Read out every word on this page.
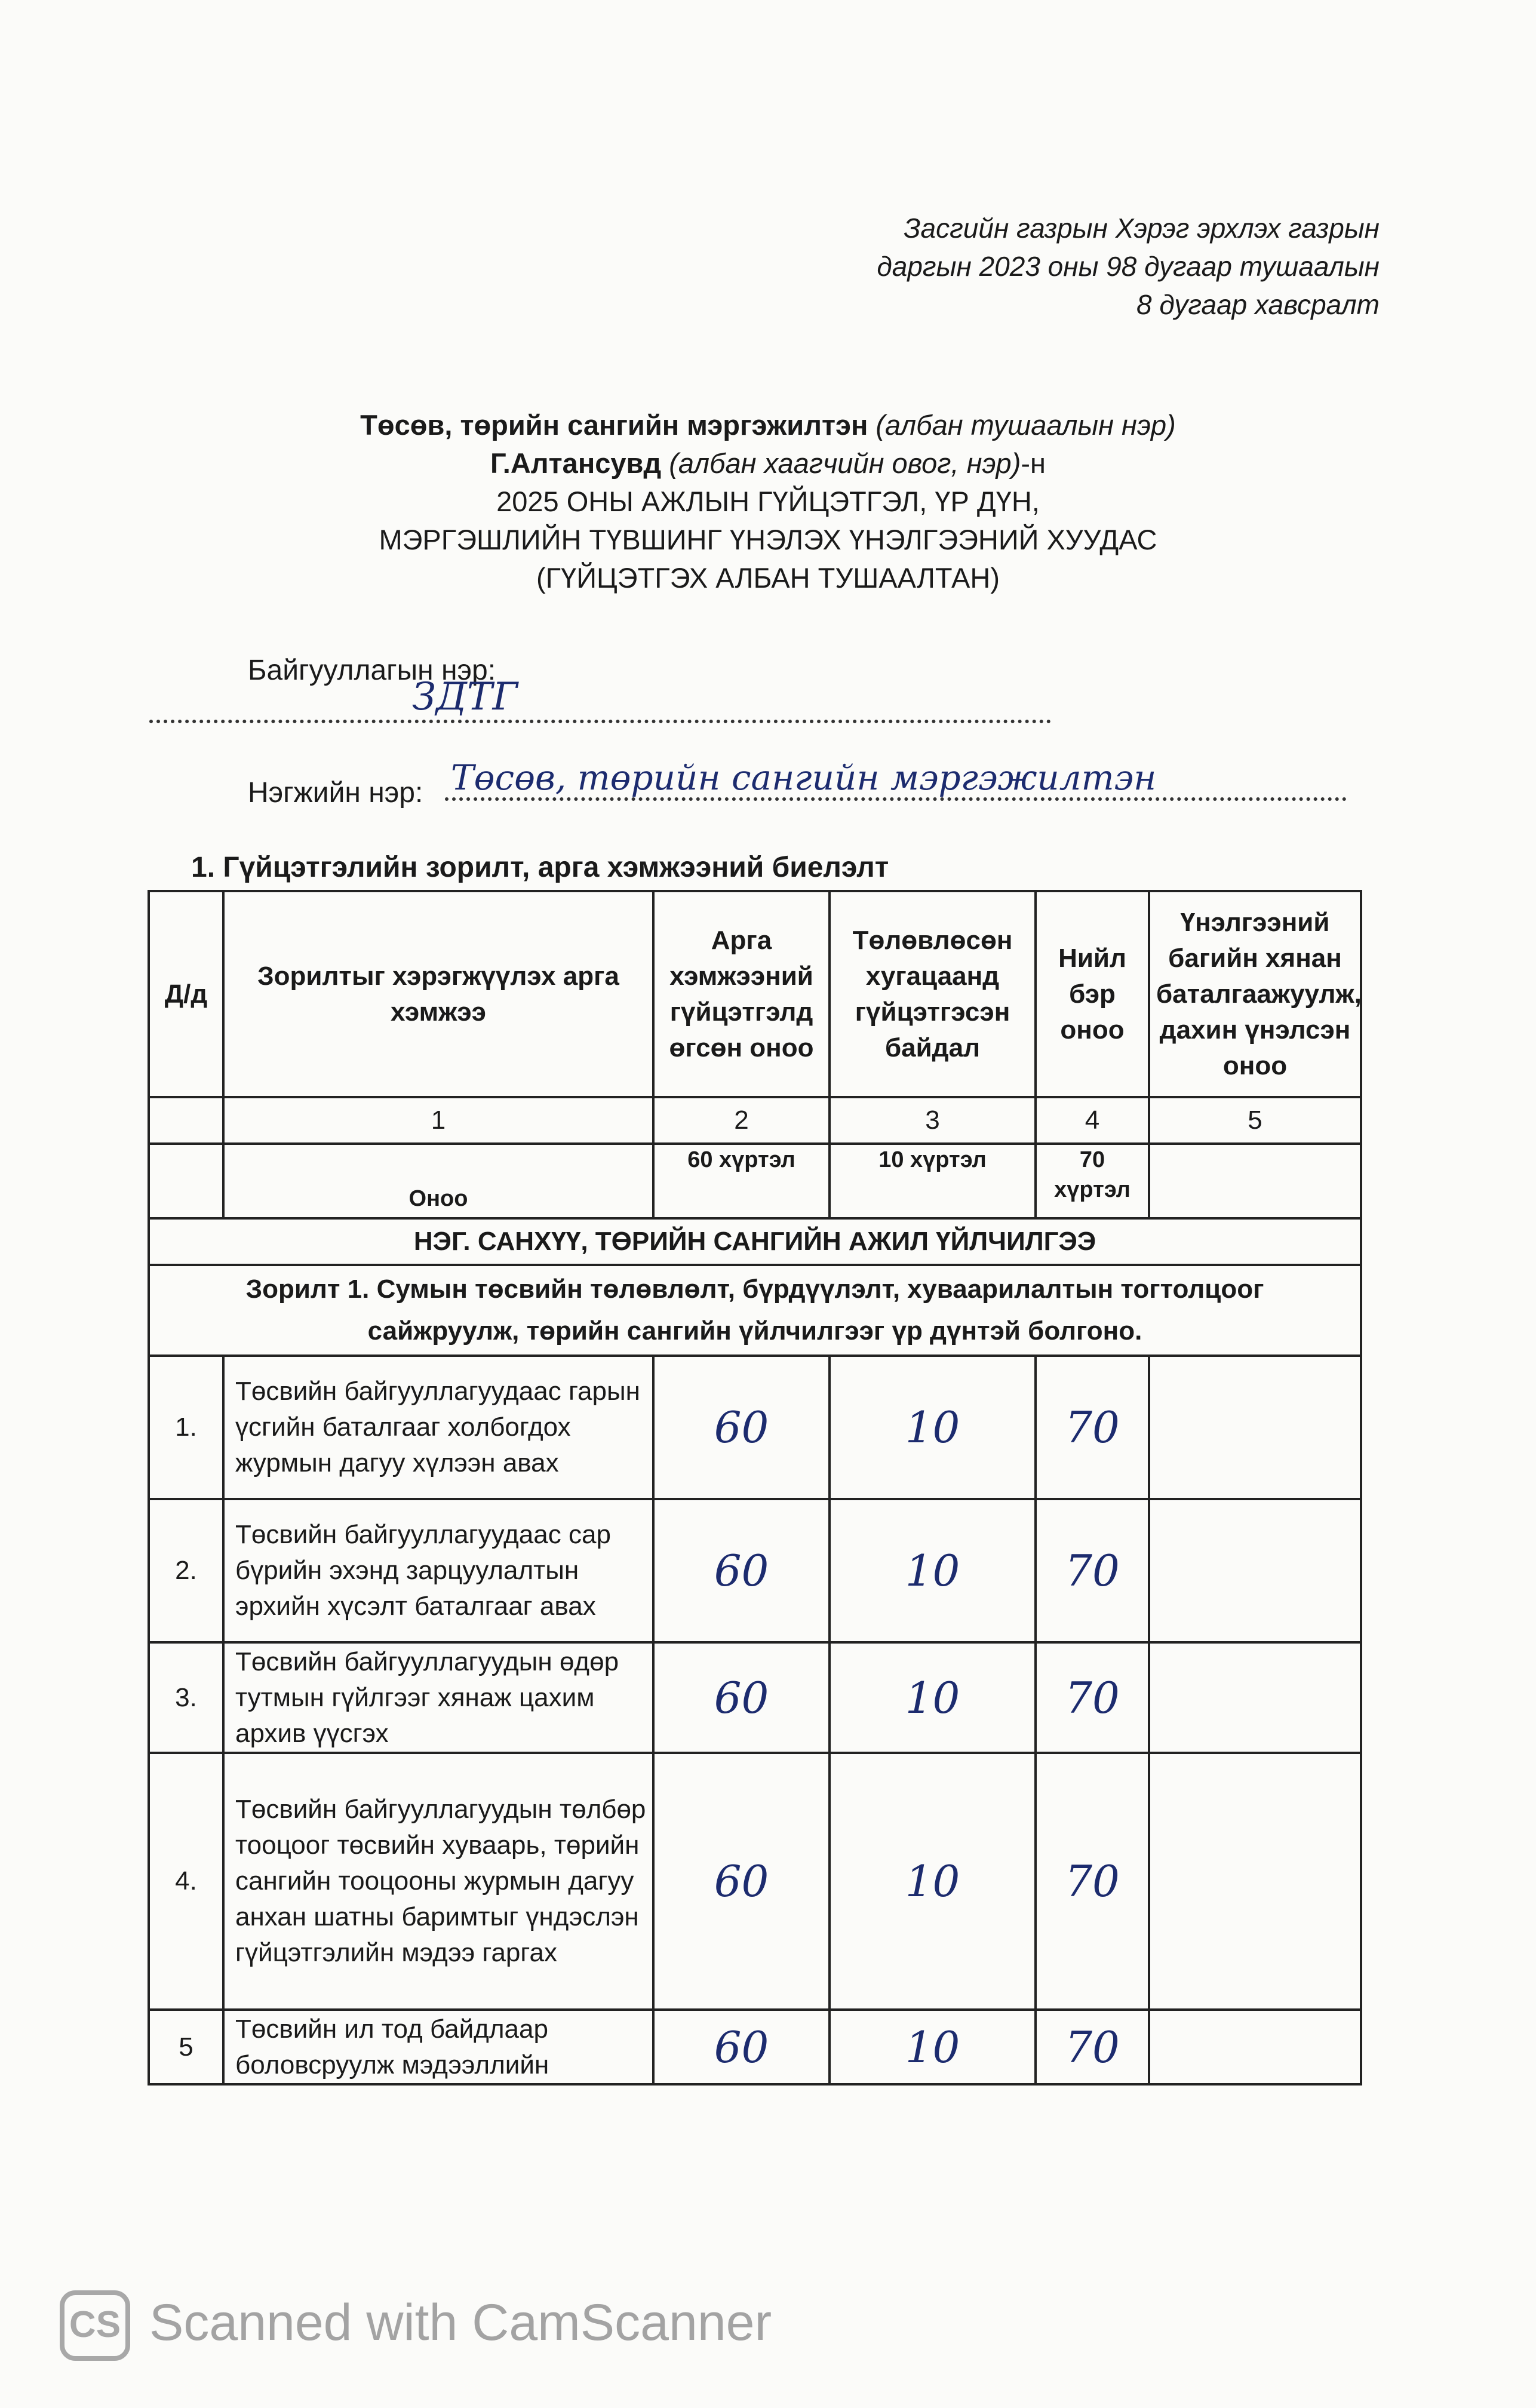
Засгийн газрын Хэрэг эрхлэх газрын
даргын 2023 оны 98 дугаар тушаалын
8 дугаар хавсралт
Төсөв, төрийн сангийн мэргэжилтэн (албан тушаалын нэр)
Г.Алтансувд (албан хаагчийн овог, нэр)-н
2025 ОНЫ АЖЛЫН ГҮЙЦЭТГЭЛ, ҮР ДҮН,
МЭРГЭШЛИЙН ТҮВШИНГ ҮНЭЛЭХ ҮНЭЛГЭЭНИЙ ХУУДАС
(ГҮЙЦЭТГЭХ АЛБАН ТУШААЛТАН)
Байгууллагын нэр:
ЗДТГ
Нэгжийн нэр: Төсөв, төрийн сангийн мэргэжилтэн
1. Гүйцэтгэлийн зорилт, арга хэмжээний биелэлт
Д/д	Зорилтыг хэрэгжүүлэх арга хэмжээ	Арга хэмжээний гүйцэтгэлд өгсөн оноо	Төлөвлөсөн хугацаанд гүйцэтгэсэн байдал	Нийл бэр оноо	Үнэлгээний багийн хянан баталгаажуулж, дахин үнэлсэн оноо
	1	2	3	4	5
	Оноо	60 хүртэл	10 хүртэл	70 хүртэл	
НЭГ. САНХҮҮ, ТӨРИЙН САНГИЙН АЖИЛ ҮЙЛЧИЛГЭЭ					
Зорилт 1. Сумын төсвийн төлөвлөлт, бүрдүүлэлт, хуваарилалтын тогтолцоог сайжруулж, төрийн сангийн үйлчилгээг үр дүнтэй болгоно.					
1.	Төсвийн байгууллагуудаас гарын үсгийн баталгааг холбогдох журмын дагуу хүлээн авах	60	10	70	
2.	Төсвийн байгууллагуудаас сар бүрийн эхэнд зарцуулалтын эрхийн хүсэлт баталгааг авах	60	10	70	
3.	Төсвийн байгууллагуудын өдөр тутмын гүйлгээг хянаж цахим архив үүсгэх	60	10	70	
4.	Төсвийн байгууллагуудын төлбөр тооцоог төсвийн хуваарь, төрийн сангийн тооцооны журмын дагуу анхан шатны баримтыг үндэслэн гүйцэтгэлийн мэдээ гаргах	60	10	70	
5	Төсвийн ил тод байдлаар боловсруулж мэдээллийн	60	10	70	
CS Scanned with CamScanner
